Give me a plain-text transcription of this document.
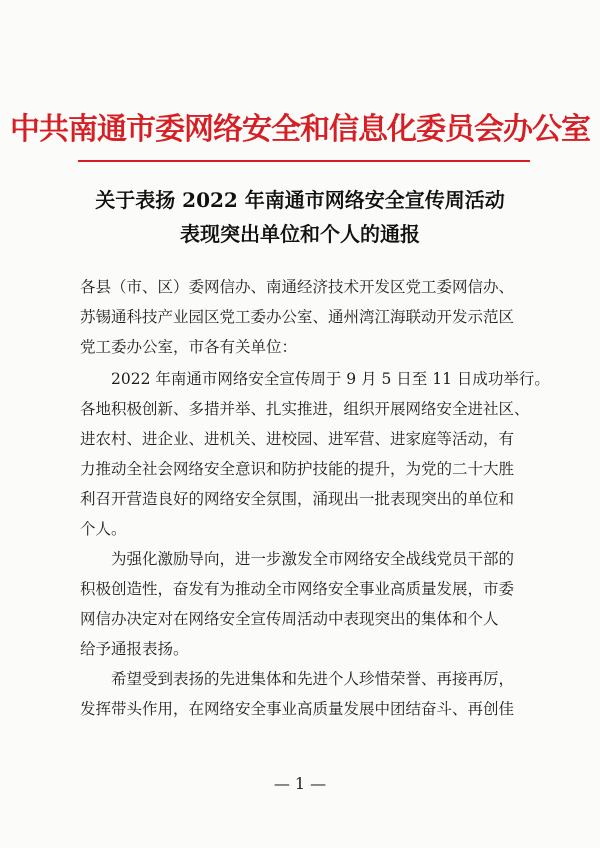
中共南通市委网络安全和信息化委员会办公室
关于表扬 2022 年南通市网络安全宣传周活动
表现突出单位和个人的通报
各县（市、区）委网信办、南通经济技术开发区党工委网信办、
苏锡通科技产业园区党工委办公室、通州湾江海联动开发示范区
党工委办公室，市各有关单位：
　　2022 年南通市网络安全宣传周于 9 月 5 日至 11 日成功举行。
各地积极创新、多措并举、扎实推进，组织开展网络安全进社区、
进农村、进企业、进机关、进校园、进军营、进家庭等活动，有
力推动全社会网络安全意识和防护技能的提升，为党的二十大胜
利召开营造良好的网络安全氛围，涌现出一批表现突出的单位和
个人。
　　为强化激励导向，进一步激发全市网络安全战线党员干部的
积极创造性，奋发有为推动全市网络安全事业高质量发展，市委
网信办决定对在网络安全宣传周活动中表现突出的集体和个人
给予通报表扬。
　　希望受到表扬的先进集体和先进个人珍惜荣誉、再接再厉，
发挥带头作用，在网络安全事业高质量发展中团结奋斗、再创佳
— 1 —
